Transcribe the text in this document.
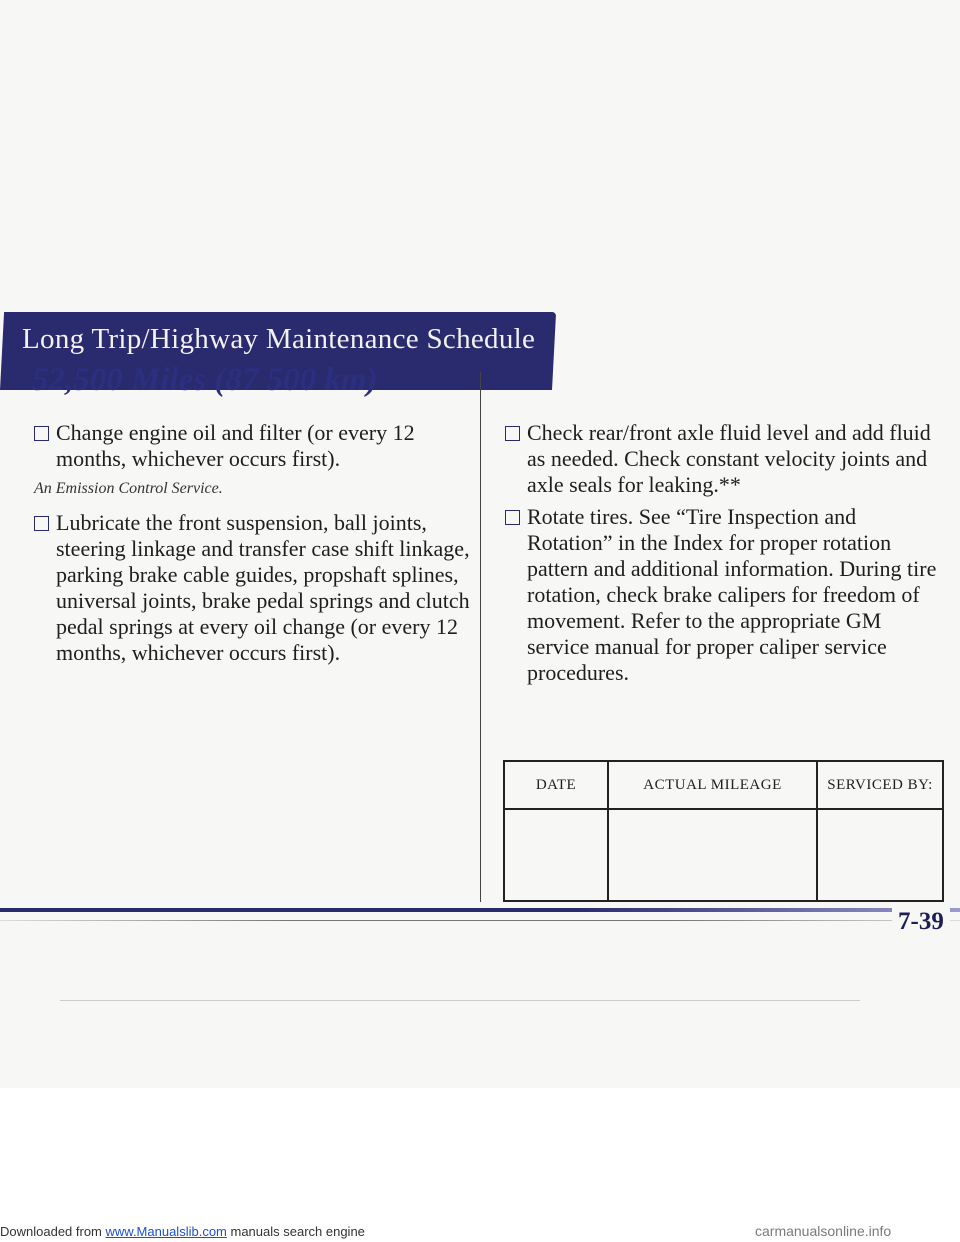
Long Trip/Highway Maintenance Schedule
52,500 Miles (87 500 km)
Change engine oil and filter (or every 12 months, whichever occurs first).
An Emission Control Service.
Lubricate the front suspension, ball joints, steering linkage and transfer case shift linkage, parking brake cable guides, propshaft splines, universal joints, brake pedal springs and clutch pedal springs at every oil change (or every 12 months, whichever occurs first).
Check rear/front axle fluid level and add fluid as needed. Check constant velocity joints and axle seals for leaking.**
Rotate tires. See “Tire Inspection and Rotation” in the Index for proper rotation pattern and additional information. During tire rotation, check brake calipers for freedom of movement. Refer to the appropriate GM service manual for proper caliper service procedures.
DATE	ACTUAL MILEAGE	SERVICED BY:

7-39
Downloaded from www.Manualslib.com manuals search engine	carmanualsonline.info
